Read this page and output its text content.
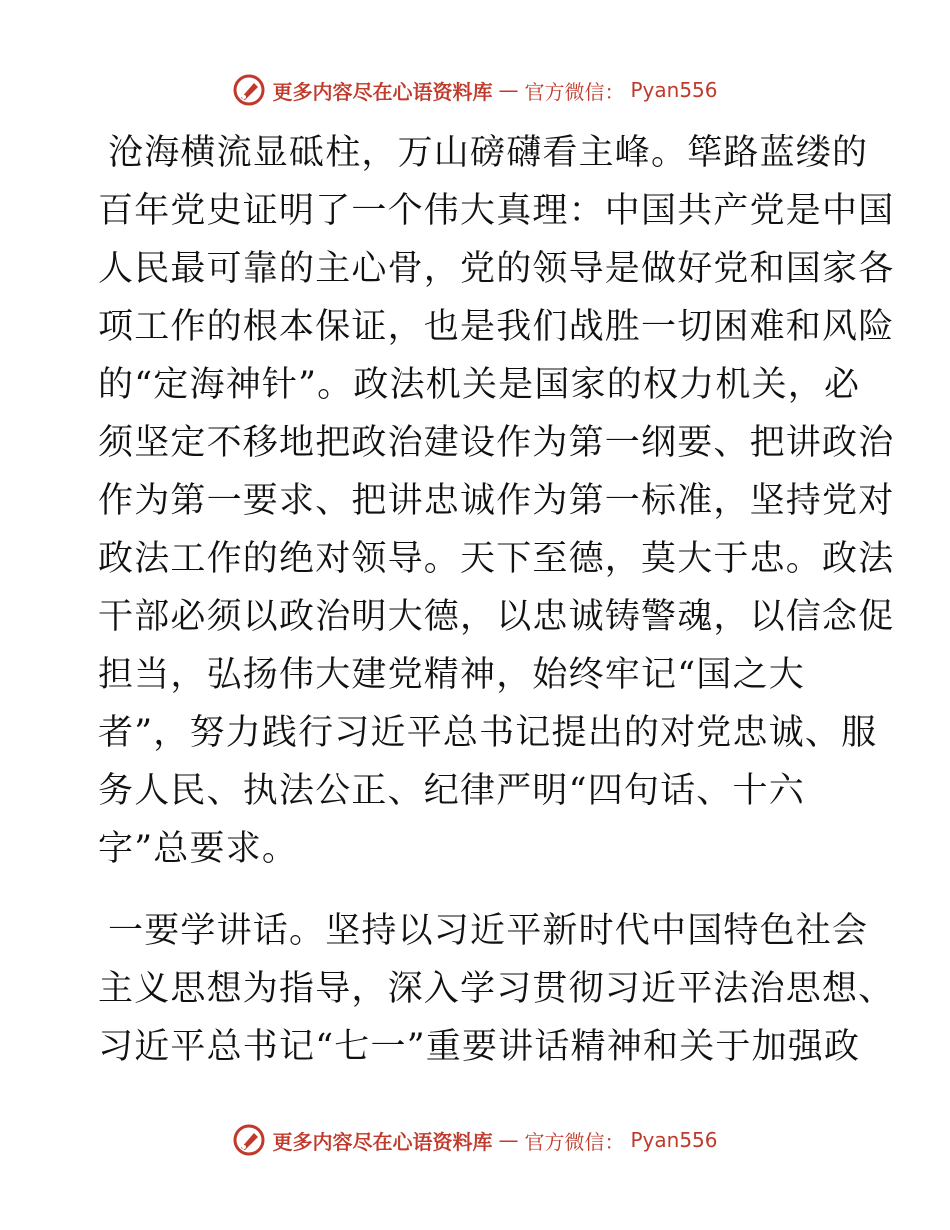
更多内容尽在心语资料库 — 官方微信： Pyan556
沧海横流显砥柱，万山磅礴看主峰。筚路蓝缕的
百年党史证明了一个伟大真理：中国共产党是中国
人民最可靠的主心骨，党的领导是做好党和国家各
项工作的根本保证，也是我们战胜一切困难和风险
的“定海神针”。政法机关是国家的权力机关，必
须坚定不移地把政治建设作为第一纲要、把讲政治
作为第一要求、把讲忠诚作为第一标准，坚持党对
政法工作的绝对领导。天下至德，莫大于忠。政法
干部必须以政治明大德，以忠诚铸警魂，以信念促
担当，弘扬伟大建党精神，始终牢记“国之大
者”，努力践行习近平总书记提出的对党忠诚、服
务人民、执法公正、纪律严明“四句话、十六
字”总要求。
一要学讲话。坚持以习近平新时代中国特色社会
主义思想为指导，深入学习贯彻习近平法治思想、
习近平总书记“七一”重要讲话精神和关于加强政
更多内容尽在心语资料库 — 官方微信： Pyan556
